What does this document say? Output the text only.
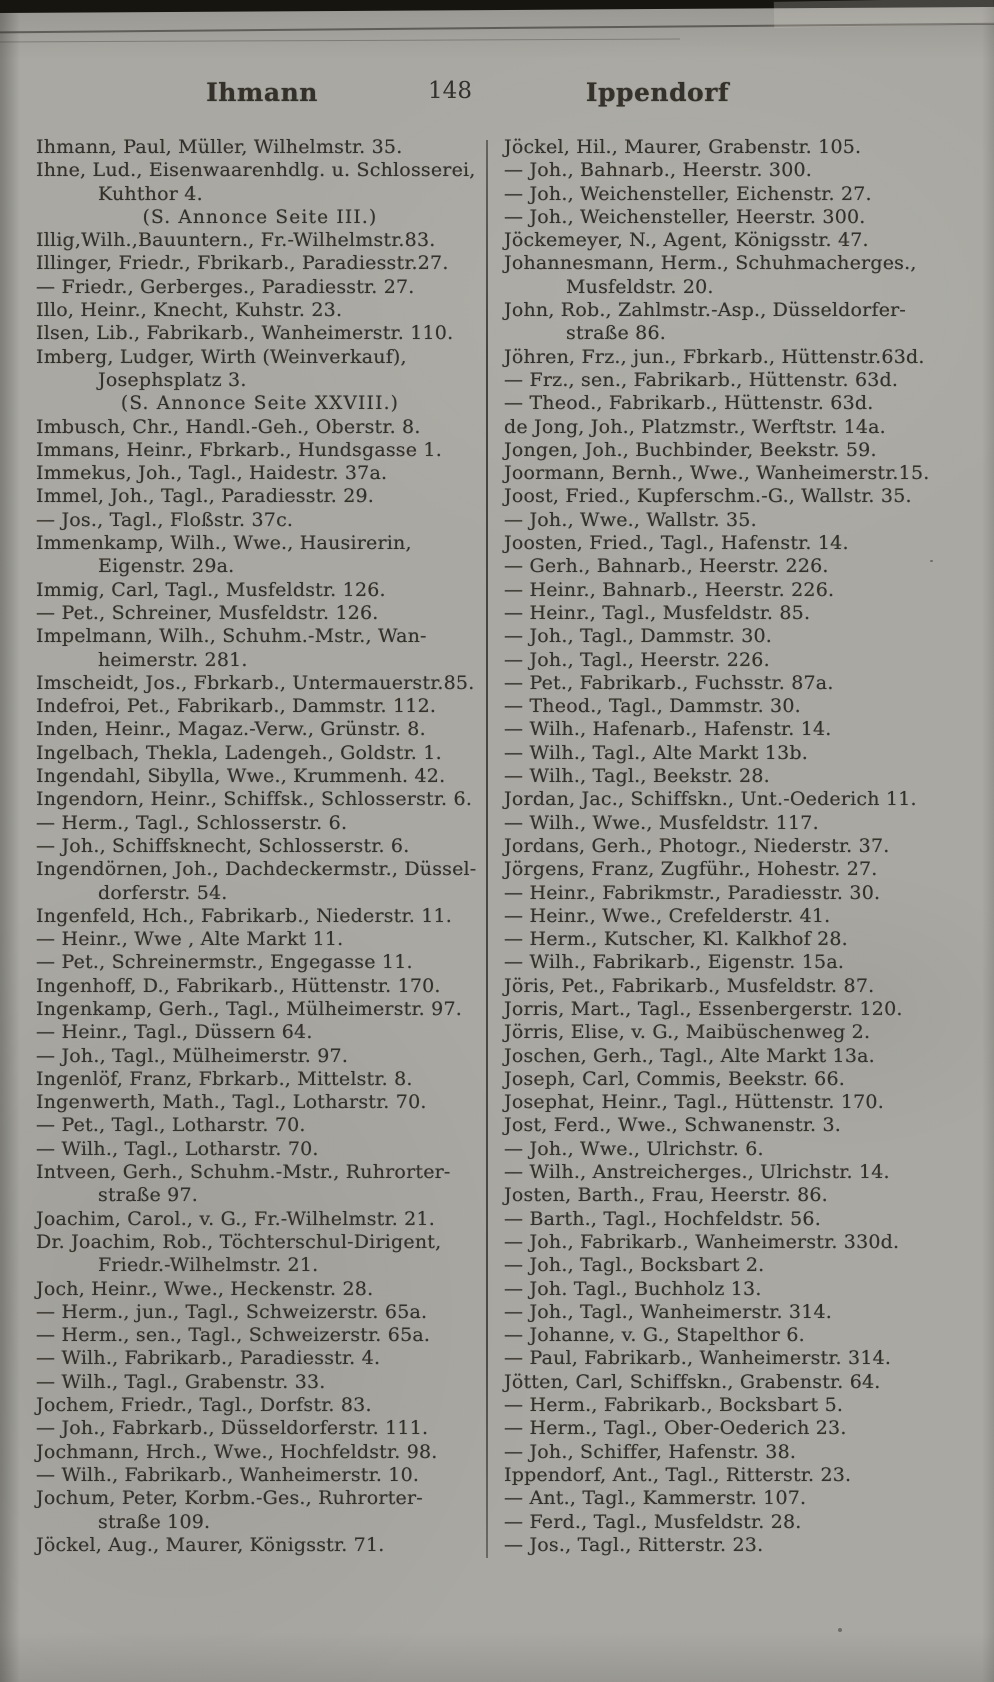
Ihmann	148	Ippendorf
Ihmann, Paul, Müller, Wilhelmstr. 35.
Ihne, Lud., Eisenwaarenhdlg. u. Schlosserei,
Kuhthor 4.
(S. Annonce Seite III.)
Illig,Wilh.,Bauuntern., Fr.-Wilhelmstr.83.
Illinger, Friedr., Fbrikarb., Paradiesstr.27.
— Friedr., Gerberges., Paradiesstr. 27.
Illo, Heinr., Knecht, Kuhstr. 23.
Ilsen, Lib., Fabrikarb., Wanheimerstr. 110.
Imberg, Ludger, Wirth (Weinverkauf),
Josephsplatz 3.
(S. Annonce Seite XXVIII.)
Imbusch, Chr., Handl.-Geh., Oberstr. 8.
Immans, Heinr., Fbrkarb., Hundsgasse 1.
Immekus, Joh., Tagl., Haidestr. 37a.
Immel, Joh., Tagl., Paradiesstr. 29.
— Jos., Tagl., Floßstr. 37c.
Immenkamp, Wilh., Wwe., Hausirerin,
Eigenstr. 29a.
Immig, Carl, Tagl., Musfeldstr. 126.
— Pet., Schreiner, Musfeldstr. 126.
Impelmann, Wilh., Schuhm.-Mstr., Wan-
heimerstr. 281.
Imscheidt, Jos., Fbrkarb., Untermauerstr.85.
Indefroi, Pet., Fabrikarb., Dammstr. 112.
Inden, Heinr., Magaz.-Verw., Grünstr. 8.
Ingelbach, Thekla, Ladengeh., Goldstr. 1.
Ingendahl, Sibylla, Wwe., Krummenh. 42.
Ingendorn, Heinr., Schiffsk., Schlosserstr. 6.
— Herm., Tagl., Schlosserstr. 6.
— Joh., Schiffsknecht, Schlosserstr. 6.
Ingendörnen, Joh., Dachdeckermstr., Düssel-
dorferstr. 54.
Ingenfeld, Hch., Fabrikarb., Niederstr. 11.
— Heinr., Wwe , Alte Markt 11.
— Pet., Schreinermstr., Engegasse 11.
Ingenhoff, D., Fabrikarb., Hüttenstr. 170.
Ingenkamp, Gerh., Tagl., Mülheimerstr. 97.
— Heinr., Tagl., Düssern 64.
— Joh., Tagl., Mülheimerstr. 97.
Ingenlöf, Franz, Fbrkarb., Mittelstr. 8.
Ingenwerth, Math., Tagl., Lotharstr. 70.
— Pet., Tagl., Lotharstr. 70.
— Wilh., Tagl., Lotharstr. 70.
Intveen, Gerh., Schuhm.-Mstr., Ruhrorter-
straße 97.
Joachim, Carol., v. G., Fr.-Wilhelmstr. 21.
Dr. Joachim, Rob., Töchterschul-Dirigent,
Friedr.-Wilhelmstr. 21.
Joch, Heinr., Wwe., Heckenstr. 28.
— Herm., jun., Tagl., Schweizerstr. 65a.
— Herm., sen., Tagl., Schweizerstr. 65a.
— Wilh., Fabrikarb., Paradiesstr. 4.
— Wilh., Tagl., Grabenstr. 33.
Jochem, Friedr., Tagl., Dorfstr. 83.
— Joh., Fabrkarb., Düsseldorferstr. 111.
Jochmann, Hrch., Wwe., Hochfeldstr. 98.
— Wilh., Fabrikarb., Wanheimerstr. 10.
Jochum, Peter, Korbm.-Ges., Ruhrorter-
straße 109.
Jöckel, Aug., Maurer, Königsstr. 71.
Jöckel, Hil., Maurer, Grabenstr. 105.
— Joh., Bahnarb., Heerstr. 300.
— Joh., Weichensteller, Eichenstr. 27.
— Joh., Weichensteller, Heerstr. 300.
Jöckemeyer, N., Agent, Königsstr. 47.
Johannesmann, Herm., Schuhmacherges.,
Musfeldstr. 20.
John, Rob., Zahlmstr.-Asp., Düsseldorfer-
straße 86.
Jöhren, Frz., jun., Fbrkarb., Hüttenstr.63d.
— Frz., sen., Fabrikarb., Hüttenstr. 63d.
— Theod., Fabrikarb., Hüttenstr. 63d.
de Jong, Joh., Platzmstr., Werftstr. 14a.
Jongen, Joh., Buchbinder, Beekstr. 59.
Joormann, Bernh., Wwe., Wanheimerstr.15.
Joost, Fried., Kupferschm.-G., Wallstr. 35.
— Joh., Wwe., Wallstr. 35.
Joosten, Fried., Tagl., Hafenstr. 14.
— Gerh., Bahnarb., Heerstr. 226.
— Heinr., Bahnarb., Heerstr. 226.
— Heinr., Tagl., Musfeldstr. 85.
— Joh., Tagl., Dammstr. 30.
— Joh., Tagl., Heerstr. 226.
— Pet., Fabrikarb., Fuchsstr. 87a.
— Theod., Tagl., Dammstr. 30.
— Wilh., Hafenarb., Hafenstr. 14.
— Wilh., Tagl., Alte Markt 13b.
— Wilh., Tagl., Beekstr. 28.
Jordan, Jac., Schiffskn., Unt.-Oederich 11.
— Wilh., Wwe., Musfeldstr. 117.
Jordans, Gerh., Photogr., Niederstr. 37.
Jörgens, Franz, Zugführ., Hohestr. 27.
— Heinr., Fabrikmstr., Paradiesstr. 30.
— Heinr., Wwe., Crefelderstr. 41.
— Herm., Kutscher, Kl. Kalkhof 28.
— Wilh., Fabrikarb., Eigenstr. 15a.
Jöris, Pet., Fabrikarb., Musfeldstr. 87.
Jorris, Mart., Tagl., Essenbergerstr. 120.
Jörris, Elise, v. G., Maibüschenweg 2.
Joschen, Gerh., Tagl., Alte Markt 13a.
Joseph, Carl, Commis, Beekstr. 66.
Josephat, Heinr., Tagl., Hüttenstr. 170.
Jost, Ferd., Wwe., Schwanenstr. 3.
— Joh., Wwe., Ulrichstr. 6.
— Wilh., Anstreicherges., Ulrichstr. 14.
Josten, Barth., Frau, Heerstr. 86.
— Barth., Tagl., Hochfeldstr. 56.
— Joh., Fabrikarb., Wanheimerstr. 330d.
— Joh., Tagl., Bocksbart 2.
— Joh. Tagl., Buchholz 13.
— Joh., Tagl., Wanheimerstr. 314.
— Johanne, v. G., Stapelthor 6.
— Paul, Fabrikarb., Wanheimerstr. 314.
Jötten, Carl, Schiffskn., Grabenstr. 64.
— Herm., Fabrikarb., Bocksbart 5.
— Herm., Tagl., Ober-Oederich 23.
— Joh., Schiffer, Hafenstr. 38.
Ippendorf, Ant., Tagl., Ritterstr. 23.
— Ant., Tagl., Kammerstr. 107.
— Ferd., Tagl., Musfeldstr. 28.
— Jos., Tagl., Ritterstr. 23.
